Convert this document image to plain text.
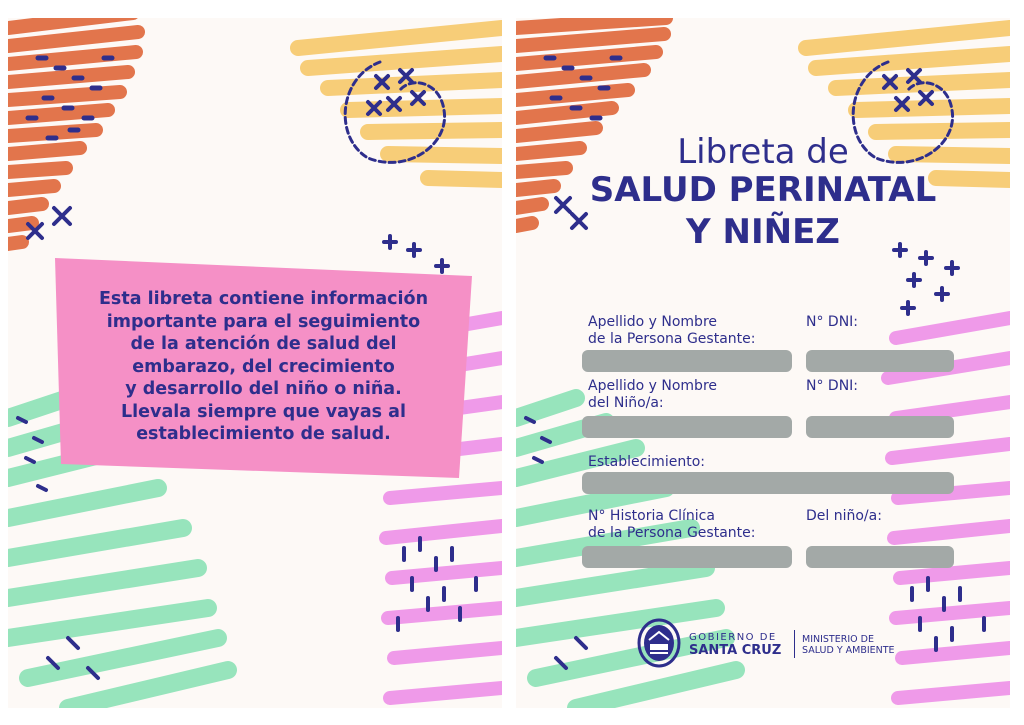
Esta libreta contiene información
importante para el seguimiento
de la atención de salud del
embarazo, del crecimiento
y desarrollo del niño o niña.
Llevala siempre que vayas al
establecimiento de salud.
Libreta de
SALUD PERINATAL
Y NIÑEZ
Apellido y Nombre
de la Persona Gestante:
N° DNI:
Apellido y Nombre
del Niño/a:
N° DNI:
Establecimiento:
N° Historia Clínica
de la Persona Gestante:
Del niño/a:
GOBIERNO DE
SANTA CRUZ
MINISTERIO DE
SALUD Y AMBIENTE
